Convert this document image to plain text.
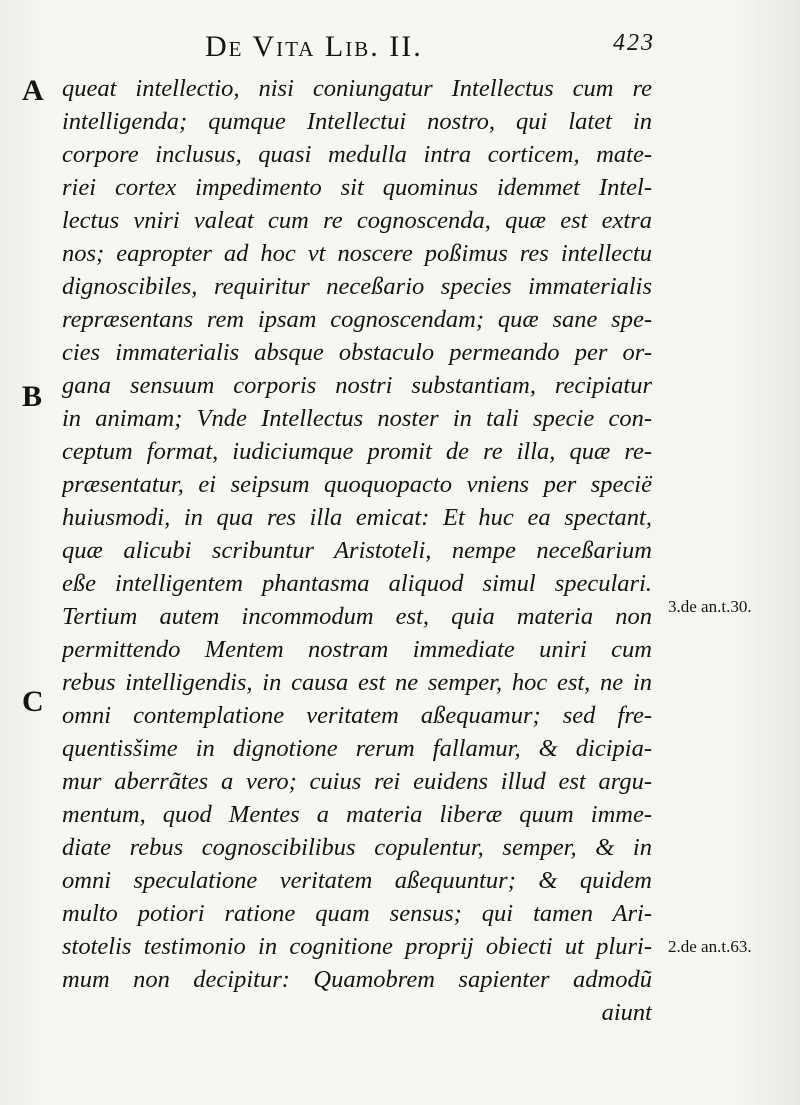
De Vita Lib. II.	423
A
B
C
3.de an.t.30.
2.de an.t.63.
queat intellectio, nisi coniungatur Intellectus cum re
intelligenda; qumque Intellectui nostro, qui latet in
corpore inclusus, quasi medulla intra corticem, mate-
riei cortex impedimento sit quominus idemmet Intel-
lectus vniri valeat cum re cognoscenda, quæ est extra
nos; eapropter ad hoc vt noscere poßimus res intellectu
dignoscibiles, requiritur neceßario species immaterialis
repræsentans rem ipsam cognoscendam; quæ sane spe-
cies immaterialis absque obstaculo permeando per or-
gana sensuum corporis nostri substantiam, recipiatur
in animam; Vnde Intellectus noster in tali specie con-
ceptum format, iudiciumque promit de re illa, quæ re-
præsentatur, ei seipsum quoquopacto vniens per specië
huiusmodi, in qua res illa emicat: Et huc ea spectant,
quæ alicubi scribuntur Aristoteli, nempe neceßarium
eße intelligentem phantasma aliquod simul speculari.
Tertium autem incommodum est, quia materia non
permittendo Mentem nostram immediate uniri cum
rebus intelligendis, in causa est ne semper, hoc est, ne in
omni contemplatione veritatem aßequamur; sed fre-
quentisšime in dignotione rerum fallamur, & dicipia-
mur aberrãtes a vero; cuius rei euidens illud est argu-
mentum, quod Mentes a materia liberæ quum imme-
diate rebus cognoscibilibus copulentur, semper, & in
omni speculatione veritatem aßequuntur; & quidem
multo potiori ratione quam sensus; qui tamen Ari-
stotelis testimonio in cognitione proprij obiecti ut pluri-
mum non decipitur: Quamobrem sapienter admodũ
aiunt
